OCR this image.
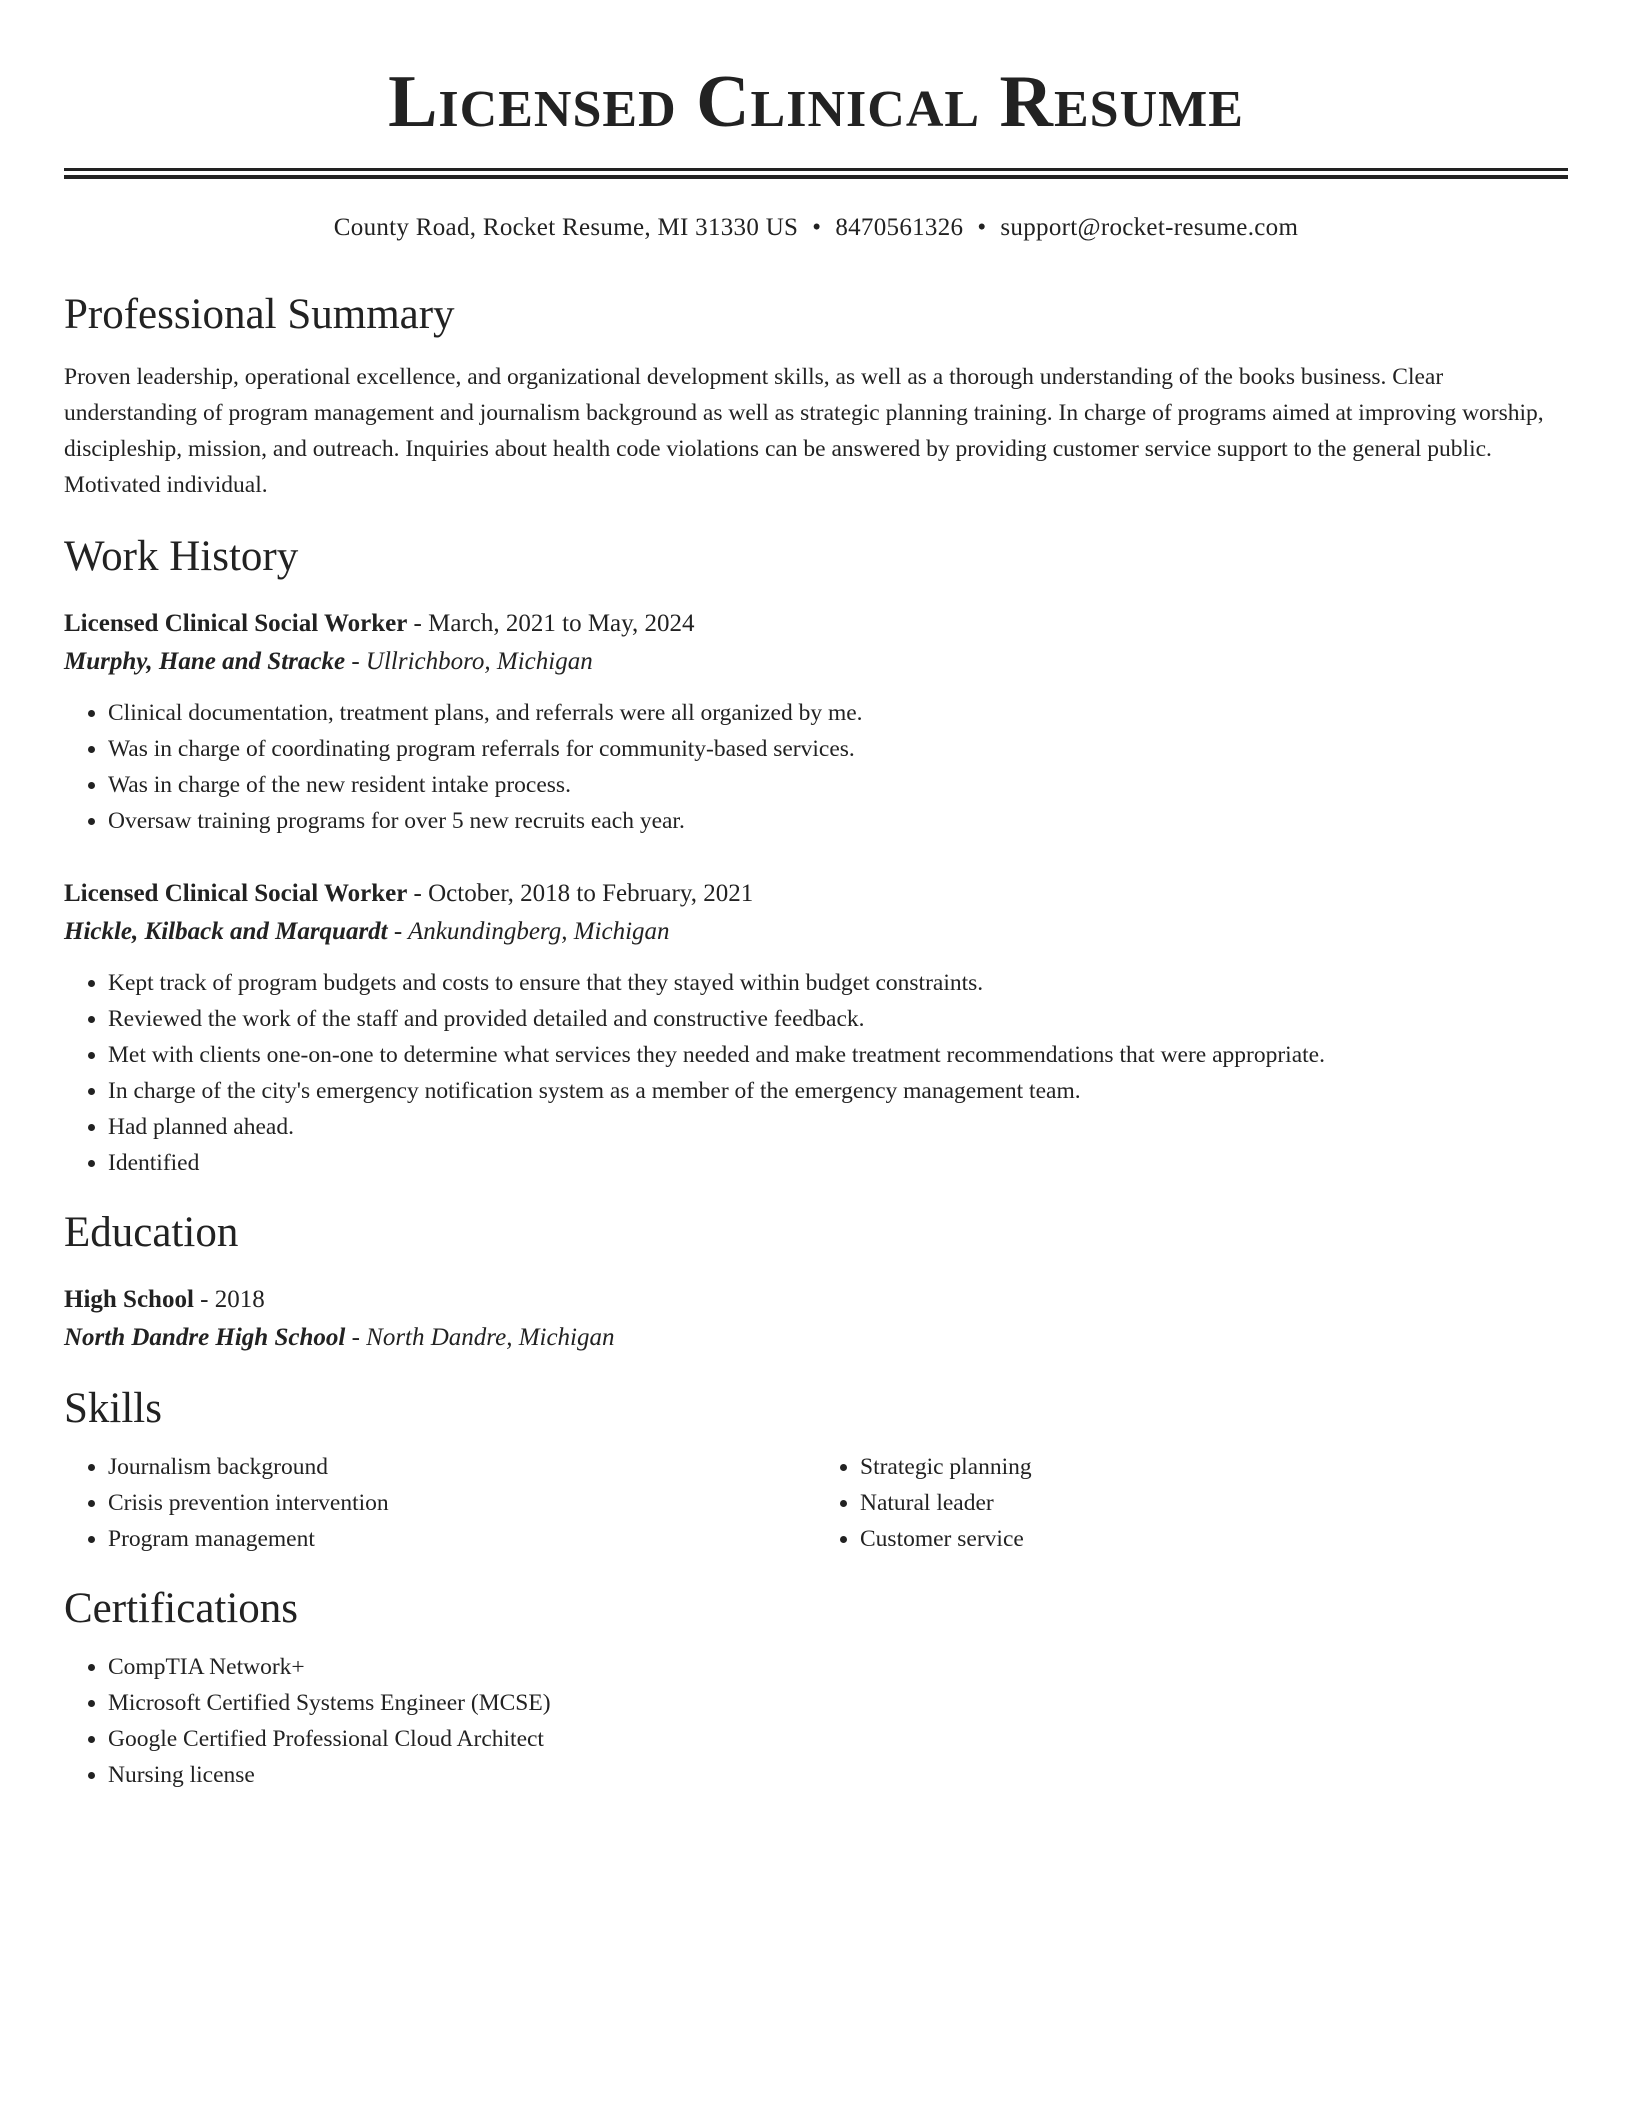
Licensed Clinical Resume
County Road, Rocket Resume, MI 31330 US • 8470561326 • support@rocket-resume.com
Professional Summary

Proven leadership, operational excellence, and organizational development skills, as well as a thorough understanding of the books business. Clear understanding of program management and journalism background as well as strategic planning training. In charge of programs aimed at improving worship, discipleship, mission, and outreach. Inquiries about health code violations can be answered by providing customer service support to the general public. Motivated individual.

Work History
Licensed Clinical Social Worker - March, 2021 to May, 2024
Murphy, Hane and Stracke - Ullrichboro, Michigan
• Clinical documentation, treatment plans, and referrals were all organized by me.
• Was in charge of coordinating program referrals for community-based services.
• Was in charge of the new resident intake process.
• Oversaw training programs for over 5 new recruits each year.
Licensed Clinical Social Worker - October, 2018 to February, 2021
Hickle, Kilback and Marquardt - Ankundingberg, Michigan
• Kept track of program budgets and costs to ensure that they stayed within budget constraints.
• Reviewed the work of the staff and provided detailed and constructive feedback.
• Met with clients one-on-one to determine what services they needed and make treatment recommendations that were appropriate.
• In charge of the city's emergency notification system as a member of the emergency management team.
• Had planned ahead.
• Identified
Education
High School - 2018
North Dandre High School - North Dandre, Michigan
Skills
• Journalism background
• Crisis prevention intervention
• Program management
• Strategic planning
• Natural leader
• Customer service
Certifications
• CompTIA Network+
• Microsoft Certified Systems Engineer (MCSE)
• Google Certified Professional Cloud Architect
• Nursing license
